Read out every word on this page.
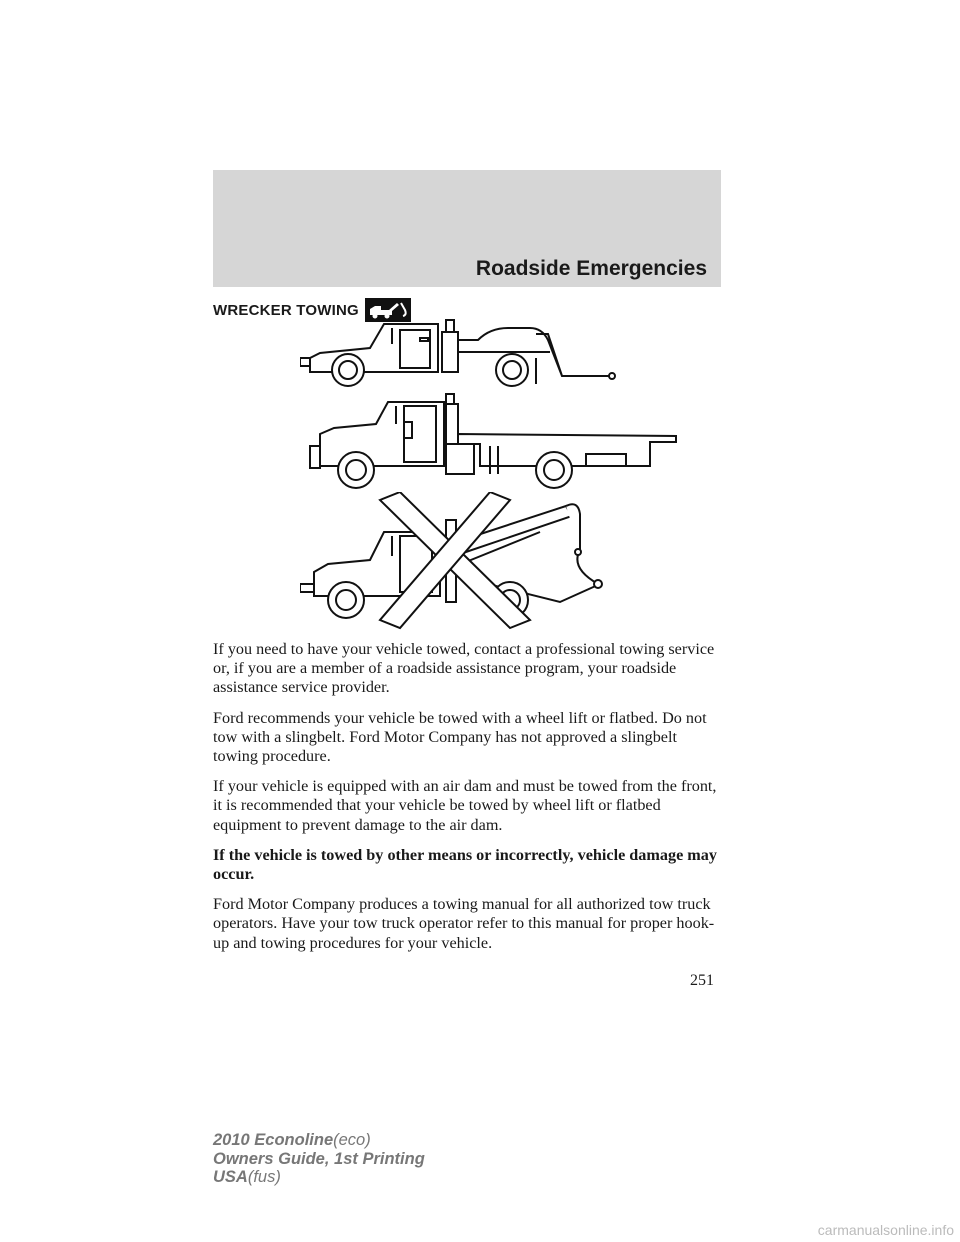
Roadside Emergencies
WRECKER TOWING

If you need to have your vehicle towed, contact a professional towing service or, if you are a member of a roadside assistance program, your roadside assistance service provider.

Ford recommends your vehicle be towed with a wheel lift or flatbed. Do not tow with a slingbelt. Ford Motor Company has not approved a slingbelt towing procedure.

If your vehicle is equipped with an air dam and must be towed from the front, it is recommended that your vehicle be towed by wheel lift or flatbed equipment to prevent damage to the air dam.

If the vehicle is towed by other means or incorrectly, vehicle damage may occur.

Ford Motor Company produces a towing manual for all authorized tow truck operators. Have your tow truck operator refer to this manual for proper hook-up and towing procedures for your vehicle.

251
2010 Econoline(eco)
Owners Guide, 1st Printing
USA(fus)
carmanualsonline.info
